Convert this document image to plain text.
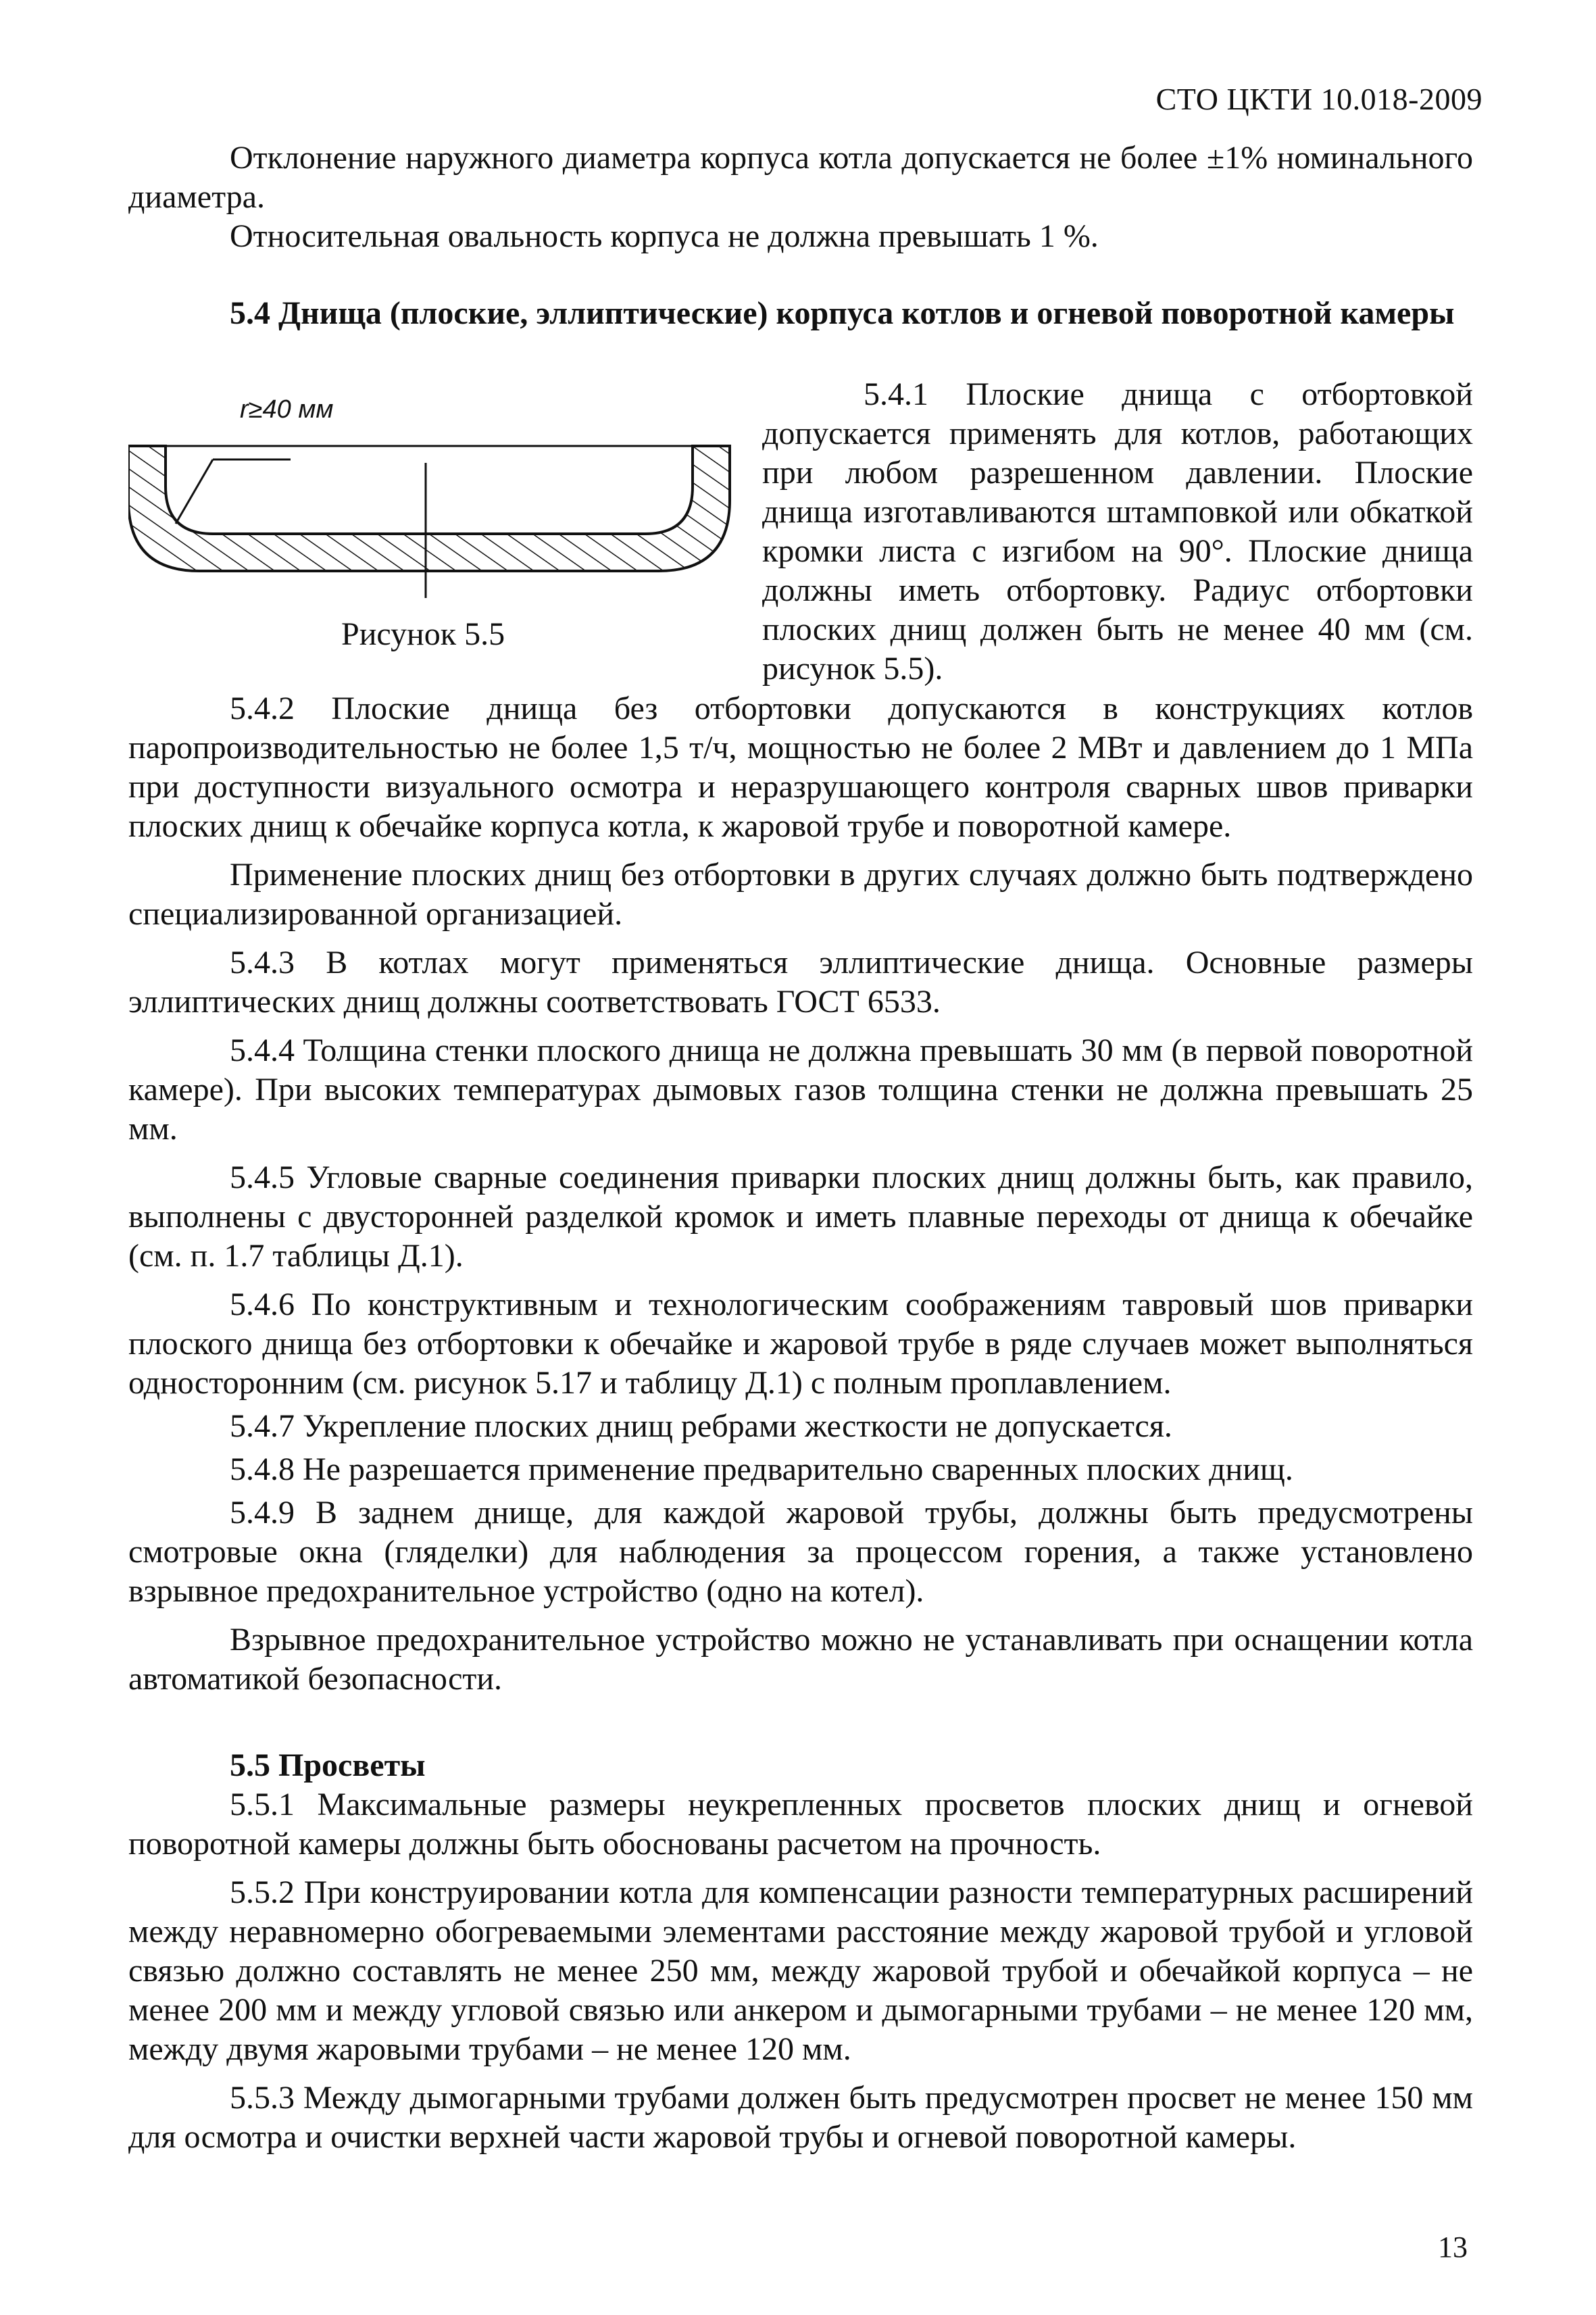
СТО ЦКТИ 10.018-2009

Отклонение наружного диаметра корпуса котла допускается не более ±1% номинального диаметра.

Относительная овальность корпуса не должна превышать 1 %.

5.4 Днища (плоские, эллиптические) корпуса котлов и огневой поворотной камеры
r≥40 мм
Рисунок 5.5

5.4.1 Плоские днища с отбортовкой допускается применять для котлов, работающих при любом разрешенном давлении. Плоские днища изготавливаются штамповкой или обкаткой кромки листа с изгибом на 90°. Плоские днища должны иметь отбортовку. Радиус отбортовки плоских днищ должен быть не менее 40 мм (см. рисунок 5.5).

5.4.2 Плоские днища без отбортовки допускаются в конструкциях котлов паропроизводительностью не более 1,5 т/ч, мощностью не более 2 МВт и давлением до 1 МПа при доступности визуального осмотра и неразрушающего контроля сварных швов приварки плоских днищ к обечайке корпуса котла, к жаровой трубе и поворотной камере.

Применение плоских днищ без отбортовки в других случаях должно быть подтверждено специализированной организацией.

5.4.3 В котлах могут применяться эллиптические днища. Основные размеры эллиптических днищ должны соответствовать ГОСТ 6533.

5.4.4 Толщина стенки плоского днища не должна превышать 30 мм (в первой поворотной камере). При высоких температурах дымовых газов толщина стенки не должна превышать 25 мм.

5.4.5 Угловые сварные соединения приварки плоских днищ должны быть, как правило, выполнены с двусторонней разделкой кромок и иметь плавные переходы от днища к обечайке (см. п. 1.7 таблицы Д.1).

5.4.6 По конструктивным и технологическим соображениям тавровый шов приварки плоского днища без отбортовки к обечайке и жаровой трубе в ряде случаев может выполняться односторонним (см. рисунок 5.17 и таблицу Д.1) с полным проплавлением.

5.4.7 Укрепление плоских днищ ребрами жесткости не допускается.

5.4.8 Не разрешается применение предварительно сваренных плоских днищ.

5.4.9 В заднем днище, для каждой жаровой трубы, должны быть предусмотрены смотровые окна (гляделки) для наблюдения за процессом горения, а также установлено взрывное предохранительное устройство (одно на котел).

Взрывное предохранительное устройство можно не устанавливать при оснащении котла автоматикой безопасности.

5.5 Просветы

5.5.1 Максимальные размеры неукрепленных просветов плоских днищ и огневой поворотной камеры должны быть обоснованы расчетом на прочность.

5.5.2 При конструировании котла для компенсации разности температурных расширений между неравномерно обогреваемыми элементами расстояние между жаровой трубой и угловой связью должно составлять не менее 250 мм, между жаровой трубой и обечайкой корпуса – не менее 200 мм и между угловой связью или анкером и дымогарными трубами – не менее 120 мм, между двумя жаровыми трубами – не менее 120 мм.

5.5.3 Между дымогарными трубами должен быть предусмотрен просвет не менее 150 мм для осмотра и очистки верхней части жаровой трубы и огневой поворотной камеры.

13
